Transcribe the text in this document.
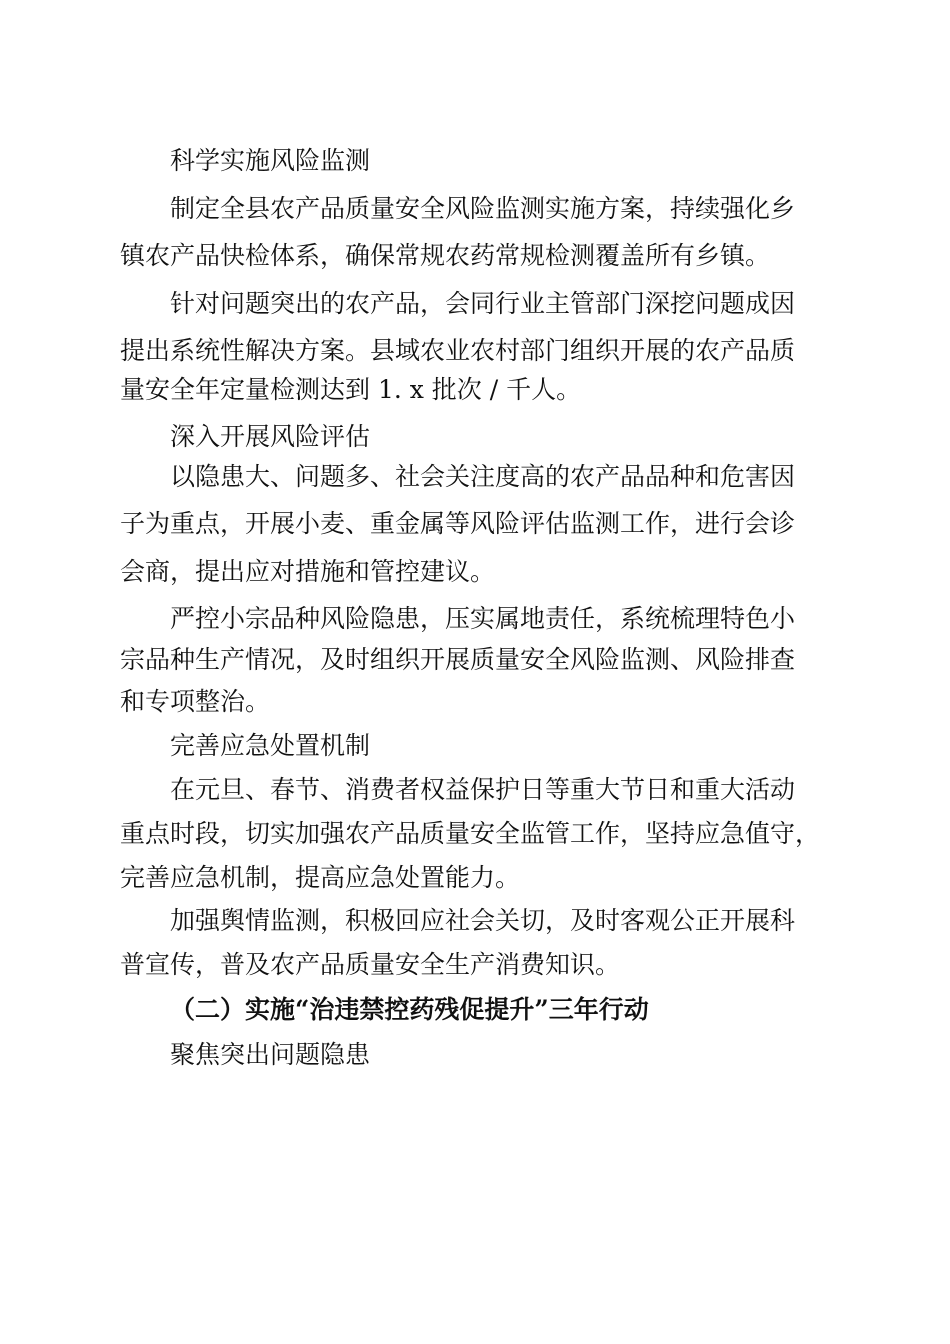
科学实施风险监测

制定全县农产品质量安全风险监测实施方案，持续强化乡

镇农产品快检体系，确保常规农药常规检测覆盖所有乡镇。

针对问题突出的农产品，会同行业主管部门深挖问题成因

提出系统性解决方案。县域农业农村部门组织开展的农产品质

量安全年定量检测达到 1. x 批次 / 千人。

深入开展风险评估

以隐患大、问题多、社会关注度高的农产品品种和危害因

子为重点，开展小麦、重金属等风险评估监测工作，进行会诊

会商，提出应对措施和管控建议。

严控小宗品种风险隐患，压实属地责任，系统梳理特色小

宗品种生产情况，及时组织开展质量安全风险监测、风险排查

和专项整治。

完善应急处置机制

在元旦、春节、消费者权益保护日等重大节日和重大活动

重点时段，切实加强农产品质量安全监管工作，坚持应急值守，

完善应急机制，提高应急处置能力。

加强舆情监测，积极回应社会关切，及时客观公正开展科

普宣传，普及农产品质量安全生产消费知识。

（二）实施“治违禁控药残促提升”三年行动

聚焦突出问题隐患
